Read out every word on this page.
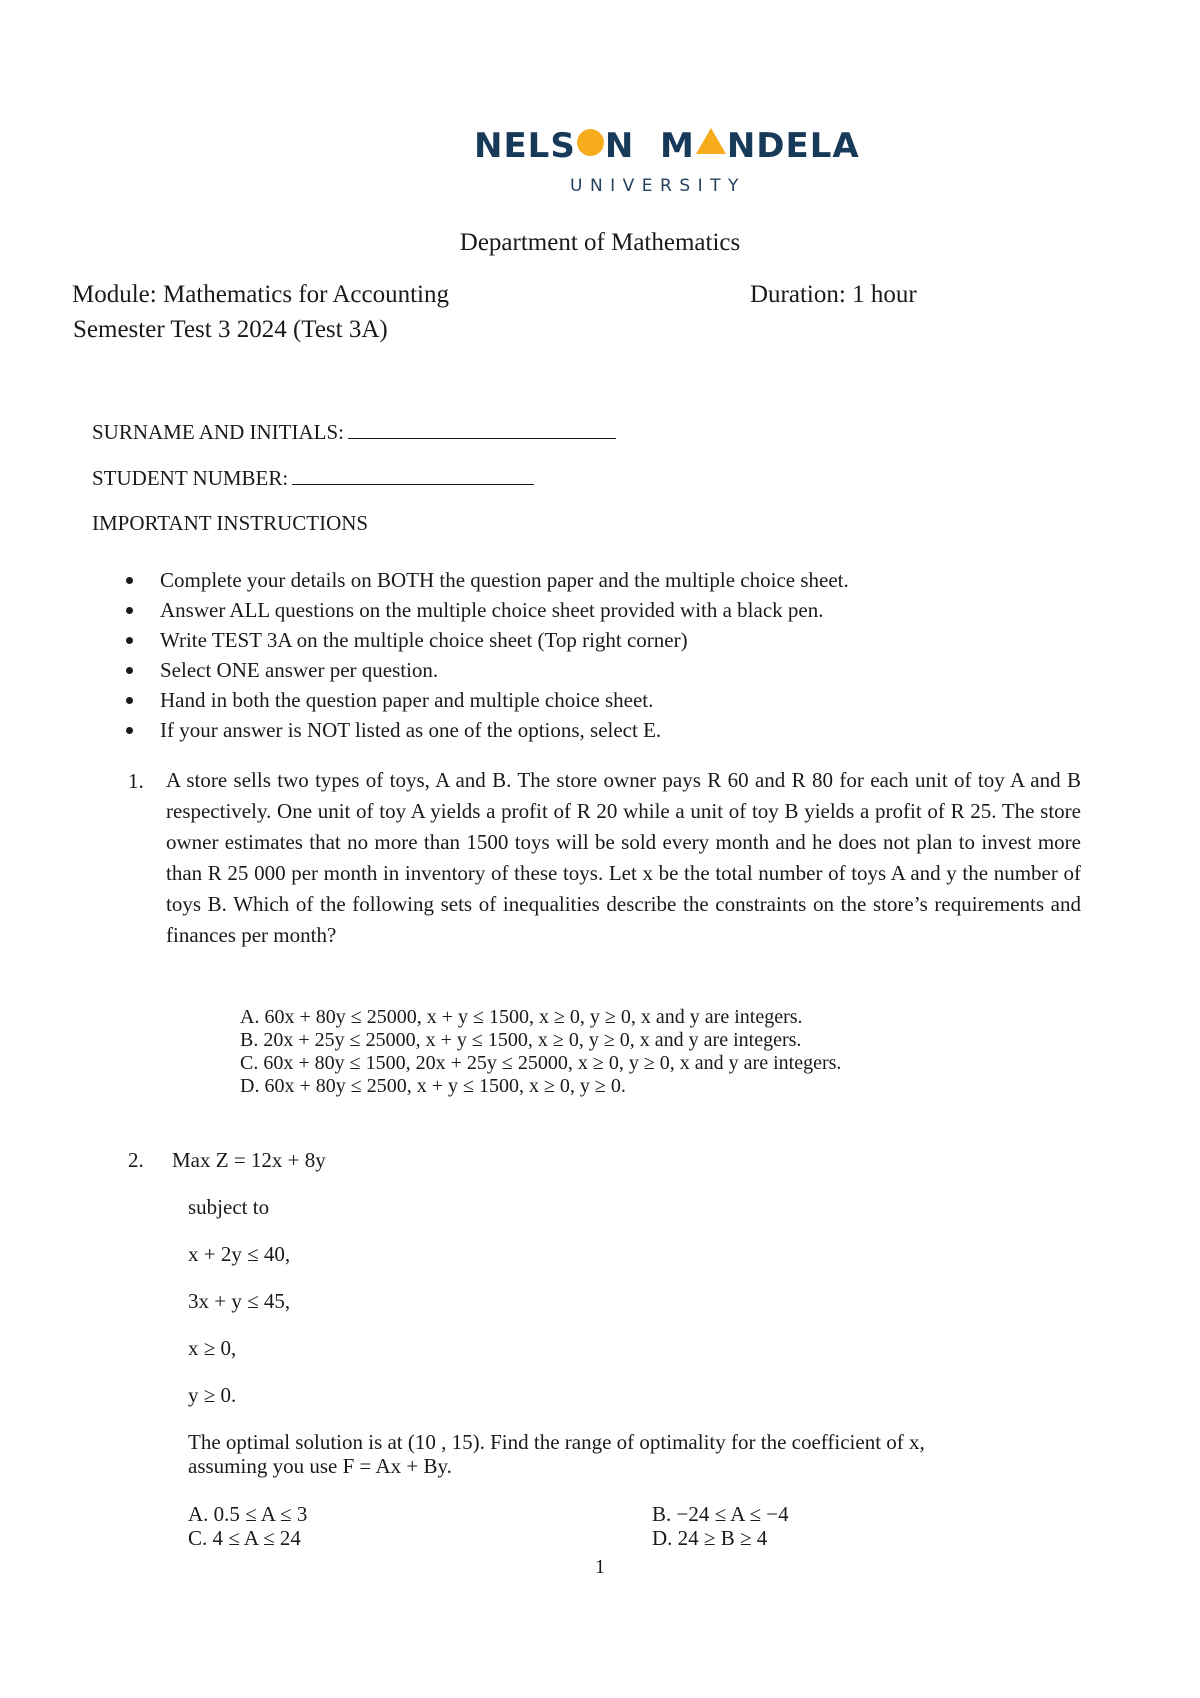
NELS N M NDELA
UNIVERSITY
Department of Mathematics
Module: Mathematics for Accounting	Duration: 1 hour
Semester Test 3 2024 (Test 3A)
SURNAME AND INITIALS:
STUDENT NUMBER:
IMPORTANT INSTRUCTIONS
Complete your details on BOTH the question paper and the multiple choice sheet.
Answer ALL questions on the multiple choice sheet provided with a black pen.
Write TEST 3A on the multiple choice sheet (Top right corner)
Select ONE answer per question.
Hand in both the question paper and multiple choice sheet.
If your answer is NOT listed as one of the options, select E.
1. A store sells two types of toys, A and B. The store owner pays R 60 and R 80 for each unit of toy A and B respectively. One unit of toy A yields a profit of R 20 while a unit of toy B yields a profit of R 25. The store owner estimates that no more than 1500 toys will be sold every month and he does not plan to invest more than R 25 000 per month in inventory of these toys. Let x be the total number of toys A and y the number of toys B. Which of the following sets of inequalities describe the constraints on the store’s requirements and finances per month?
A. 60x + 80y ≤ 25000, x + y ≤ 1500, x ≥ 0, y ≥ 0, x and y are integers.
B. 20x + 25y ≤ 25000, x + y ≤ 1500, x ≥ 0, y ≥ 0, x and y are integers.
C. 60x + 80y ≤ 1500, 20x + 25y ≤ 25000, x ≥ 0, y ≥ 0, x and y are integers.
D. 60x + 80y ≤ 2500, x + y ≤ 1500, x ≥ 0, y ≥ 0.
2. Max Z = 12x + 8y
subject to
x + 2y ≤ 40,
3x + y ≤ 45,
x ≥ 0,
y ≥ 0.
The optimal solution is at (10 , 15). Find the range of optimality for the coefficient of x,
assuming you use F = Ax + By.
A. 0.5 ≤ A ≤ 3	B. −24 ≤ A ≤ −4
C. 4 ≤ A ≤ 24	D. 24 ≥ B ≥ 4
1
